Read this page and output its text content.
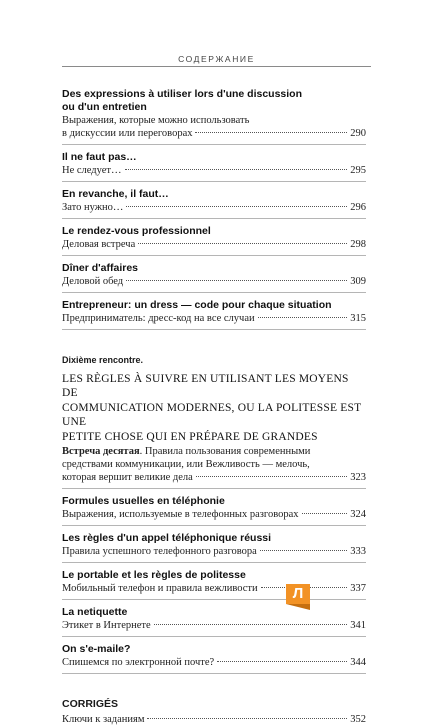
СОДЕРЖАНИЕ
Des expressions à utiliser lors d'une discussion
ou d'un entretien
Выражения, которые можно использовать
в дискуссии или переговорах	290
Il ne faut pas…
Не следует…	295
En revanche, il faut…
Зато нужно…	296
Le rendez-vous professionnel
Деловая встреча	298
Dîner d'affaires
Деловой обед	309
Entrepreneur: un dress — code pour chaque situation
Предприниматель: дресс-код на все случаи	315
Dixième rencontre.
LES RÈGLES À SUIVRE EN UTILISANT LES MOYENS DE
COMMUNICATION MODERNES, OU LA POLITESSE EST UNE
PETITE CHOSE QUI EN PRÉPARE DE GRANDES
Встреча десятая. Правила пользования современными
средствами коммуникации, или Вежливость — мелочь,
которая вершит великие дела	323
Formules usuelles en téléphonie
Выражения, используемые в телефонных разговорах	324
Les règles d'un appel téléphonique réussi
Правила успешного телефонного разговора	333
Le portable et les règles de politesse
Мобильный телефон и правила вежливости	337
La netiquette
Этикет в Интернете	341
On s'e-maile?
Спишемся по электронной почте?	344
CORRIGÉS
Ключи к заданиям	352
Л
